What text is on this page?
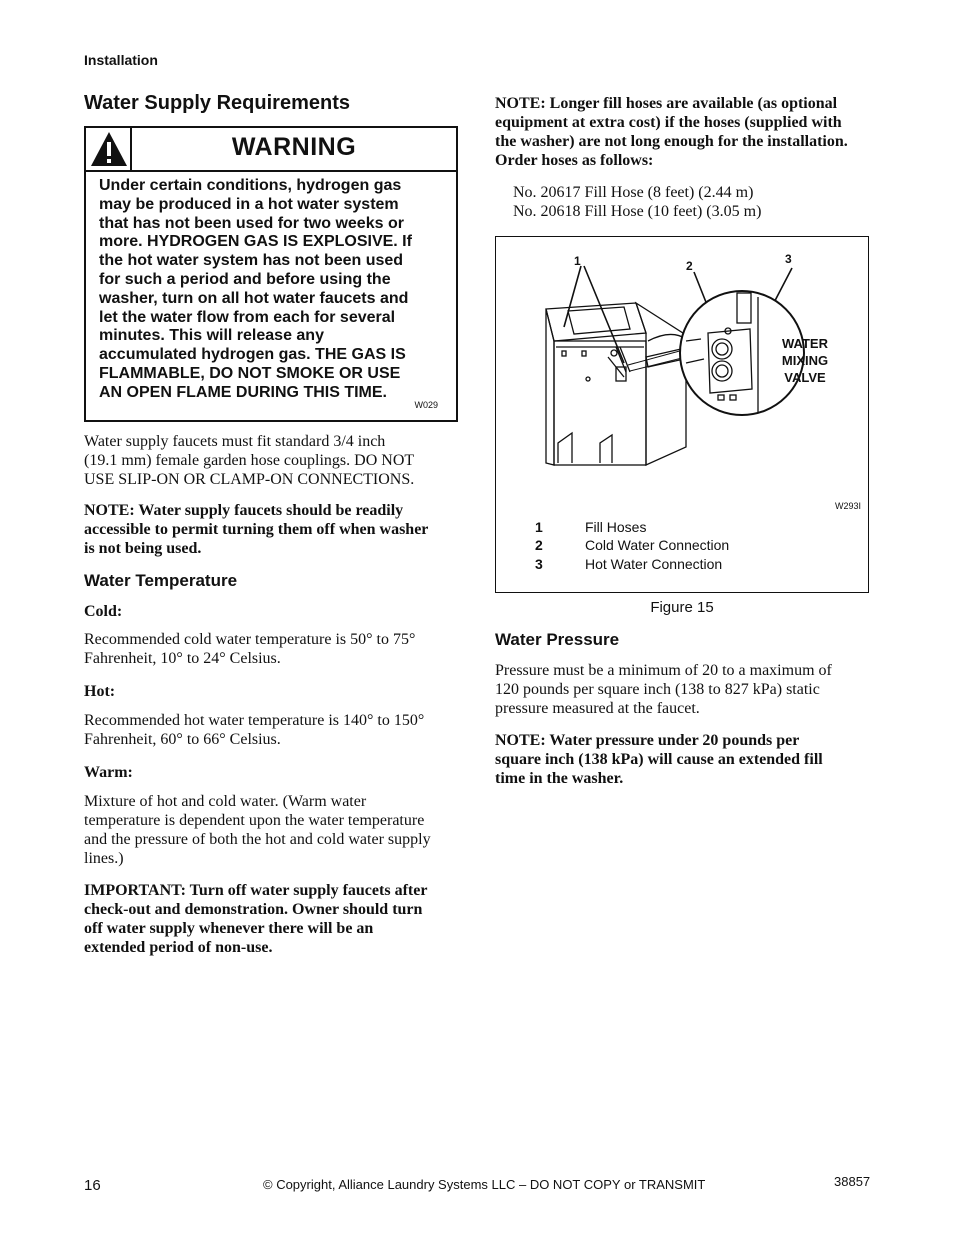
Installation
Water Supply Requirements
WARNING
Under certain conditions, hydrogen gas
may be produced in a hot water system
that has not been used for two weeks or
more. HYDROGEN GAS IS EXPLOSIVE. If
the hot water system has not been used
for such a period and before using the
washer, turn on all hot water faucets and
let the water flow from each for several
minutes. This will release any
accumulated hydrogen gas. THE GAS IS
FLAMMABLE, DO NOT SMOKE OR USE
AN OPEN FLAME DURING THIS TIME.
W029
Water supply faucets must fit standard 3/4 inch
(19.1 mm) female garden hose couplings. DO NOT
USE SLIP-ON OR CLAMP-ON CONNECTIONS.
NOTE: Water supply faucets should be readily
accessible to permit turning them off when washer
is not being used.
Water Temperature
Cold:
Recommended cold water temperature is 50° to 75°
Fahrenheit, 10° to 24° Celsius.
Hot:
Recommended hot water temperature is 140° to 150°
Fahrenheit, 60° to 66° Celsius.
Warm:
Mixture of hot and cold water. (Warm water
temperature is dependent upon the water temperature
and the pressure of both the hot and cold water supply
lines.)
IMPORTANT: Turn off water supply faucets after
check-out and demonstration. Owner should turn
off water supply whenever there will be an
extended period of non-use.
NOTE: Longer fill hoses are available (as optional
equipment at extra cost) if the hoses (supplied with
the washer) are not long enough for the installation.
Order hoses as follows:
No. 20617 Fill Hose (8 feet) (2.44 m)
No. 20618 Fill Hose (10 feet) (3.05 m)
1	2	3
WATER
MIXING
VALVE
W293I
1	Fill Hoses
2	Cold Water Connection
3	Hot Water Connection
Figure 15
Water Pressure
Pressure must be a minimum of 20 to a maximum of
120 pounds per square inch (138 to 827 kPa) static
pressure measured at the faucet.
NOTE: Water pressure under 20 pounds per
square inch (138 kPa) will cause an extended fill
time in the washer.
16	© Copyright, Alliance Laundry Systems LLC – DO NOT COPY or TRANSMIT	38857
